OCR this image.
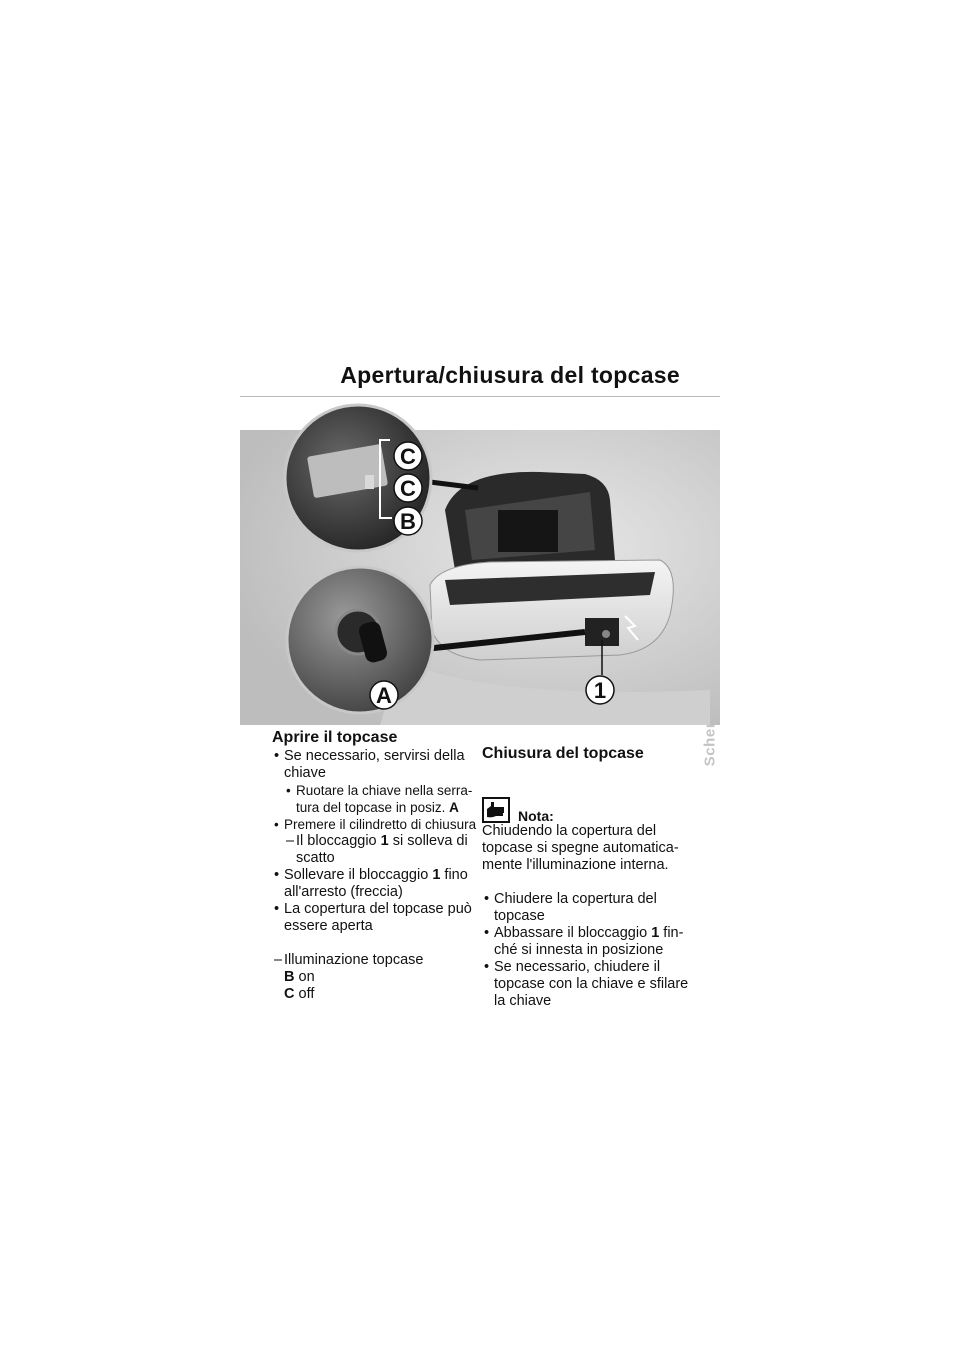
Apertura/chiusura del topcase
C
C
B
A	1
Aprire il topcase
• Se necessario, servirsi della chiave
• Ruotare la chiave nella serra-tura del topcase in posiz. A
• Premere il cilindretto di chiusura
– Il bloccaggio 1 si solleva di scatto
• Sollevare il bloccaggio 1 fino all'arresto (freccia)
• La copertura del topcase può essere aperta
– Illuminazione topcase
B on
C off
Chiusura del topcase
Nota:
Chiudendo la copertura del topcase si spegne automatica-mente l'illuminazione interna.
• Chiudere la copertura del topcase
• Abbassare il bloccaggio 1 fin-ché si innesta in posizione
• Se necessario, chiudere il topcase con la chiave e sfilare la chiave
